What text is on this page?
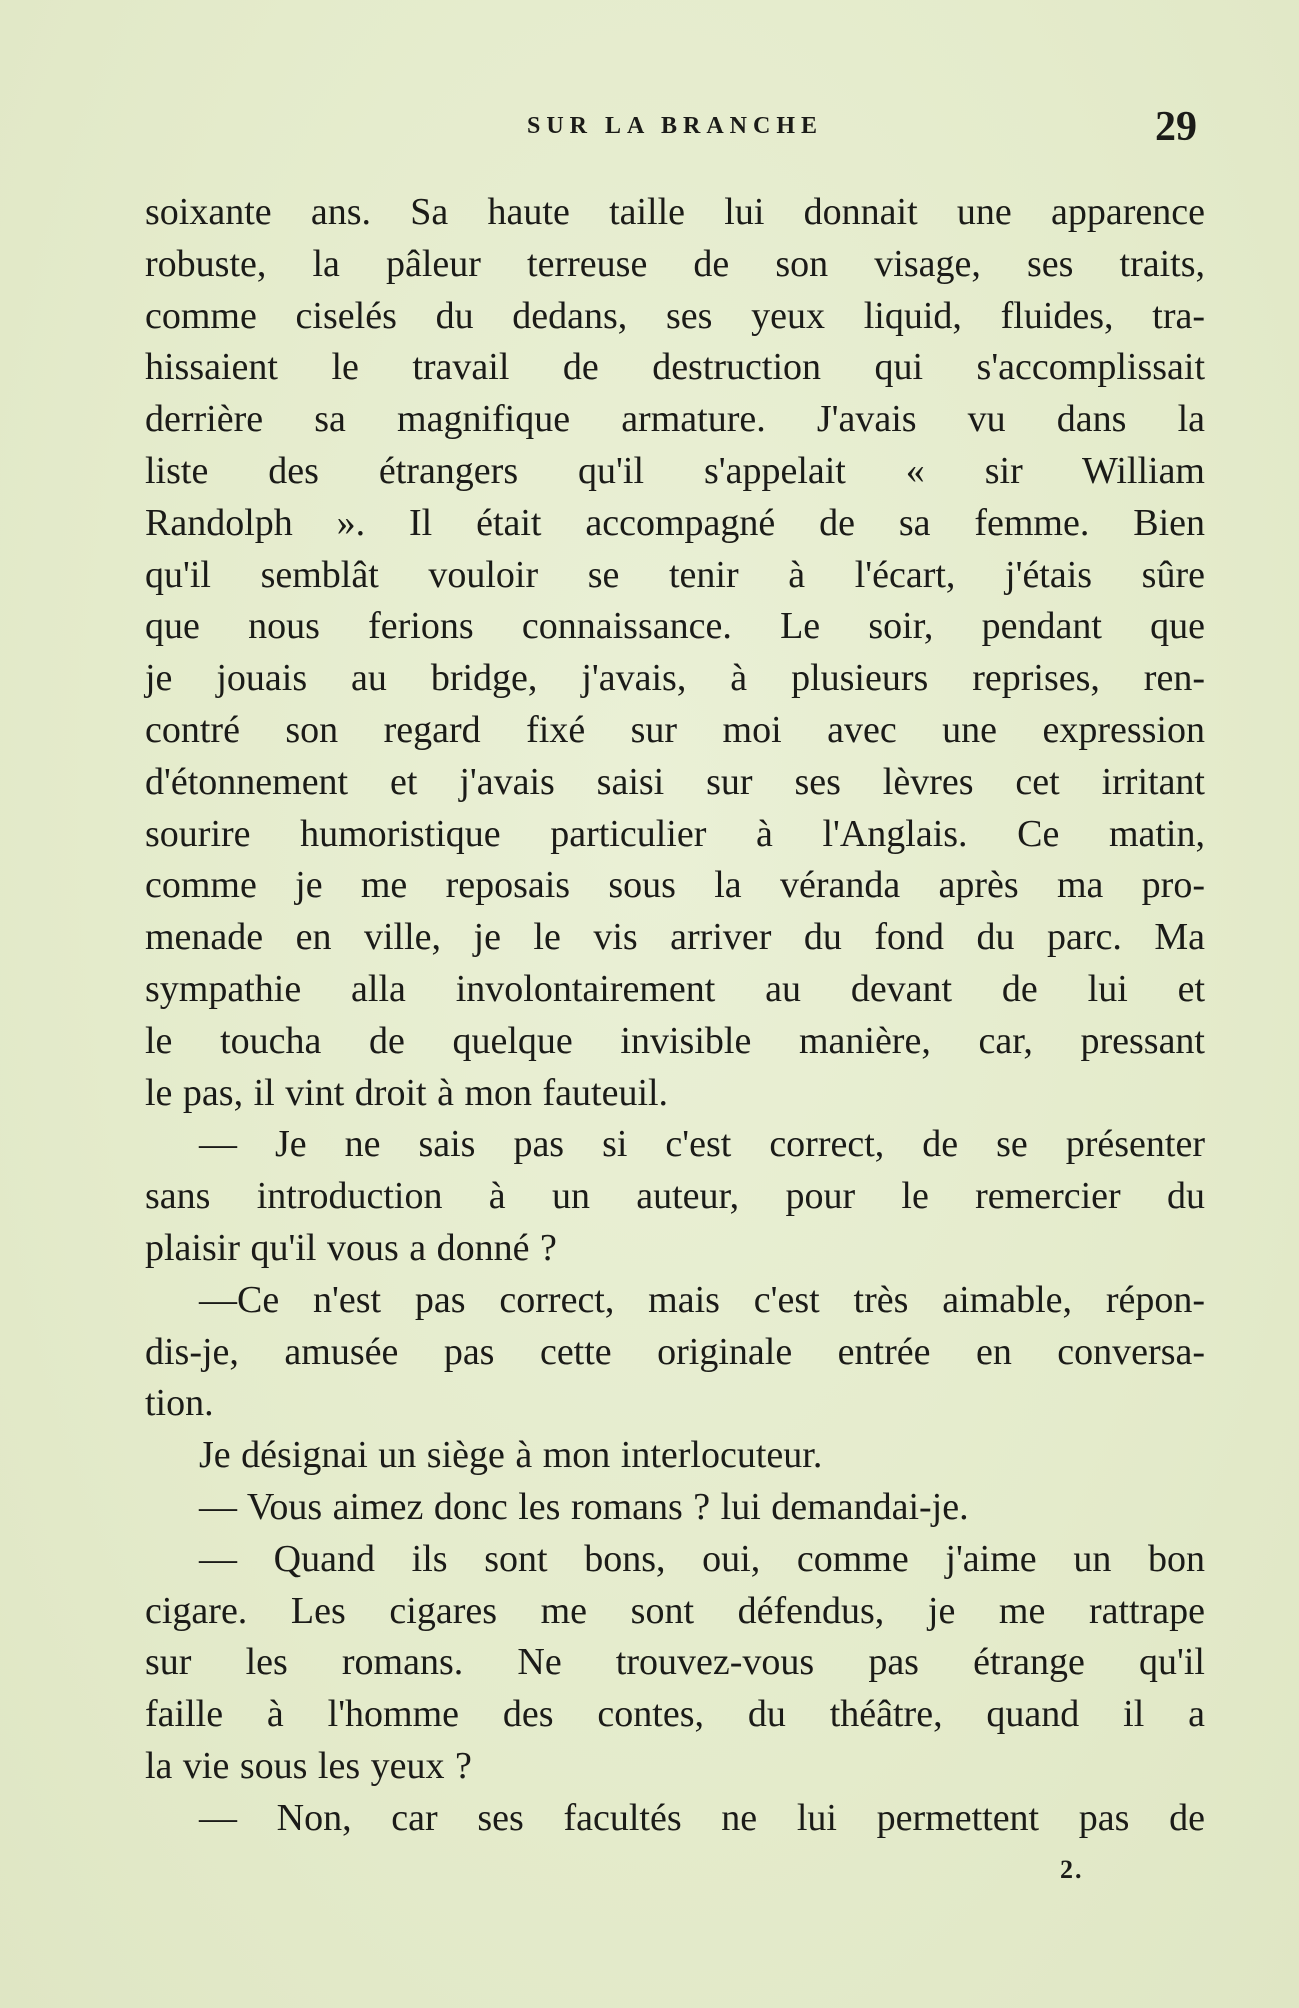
SUR LA BRANCHE	29
soixante ans. Sa haute taille lui donnait une apparence
robuste, la pâleur terreuse de son visage, ses traits,
comme ciselés du dedans, ses yeux liquid, fluides, tra-
hissaient le travail de destruction qui s'accomplissait
derrière sa magnifique armature. J'avais vu dans la
liste des étrangers qu'il s'appelait « sir William
Randolph ». Il était accompagné de sa femme. Bien
qu'il semblât vouloir se tenir à l'écart, j'étais sûre
que nous ferions connaissance. Le soir, pendant que
je jouais au bridge, j'avais, à plusieurs reprises, ren-
contré son regard fixé sur moi avec une expression
d'étonnement et j'avais saisi sur ses lèvres cet irritant
sourire humoristique particulier à l'Anglais. Ce matin,
comme je me reposais sous la véranda après ma pro-
menade en ville, je le vis arriver du fond du parc. Ma
sympathie alla involontairement au devant de lui et
le toucha de quelque invisible manière, car, pressant
le pas, il vint droit à mon fauteuil.
— Je ne sais pas si c'est correct, de se présenter
sans introduction à un auteur, pour le remercier du
plaisir qu'il vous a donné ?
—Ce n'est pas correct, mais c'est très aimable, répon-
dis-je, amusée pas cette originale entrée en conversa-
tion.
Je désignai un siège à mon interlocuteur.
— Vous aimez donc les romans ? lui demandai-je.
— Quand ils sont bons, oui, comme j'aime un bon
cigare. Les cigares me sont défendus, je me rattrape
sur les romans. Ne trouvez-vous pas étrange qu'il
faille à l'homme des contes, du théâtre, quand il a
la vie sous les yeux ?
— Non, car ses facultés ne lui permettent pas de
2.
